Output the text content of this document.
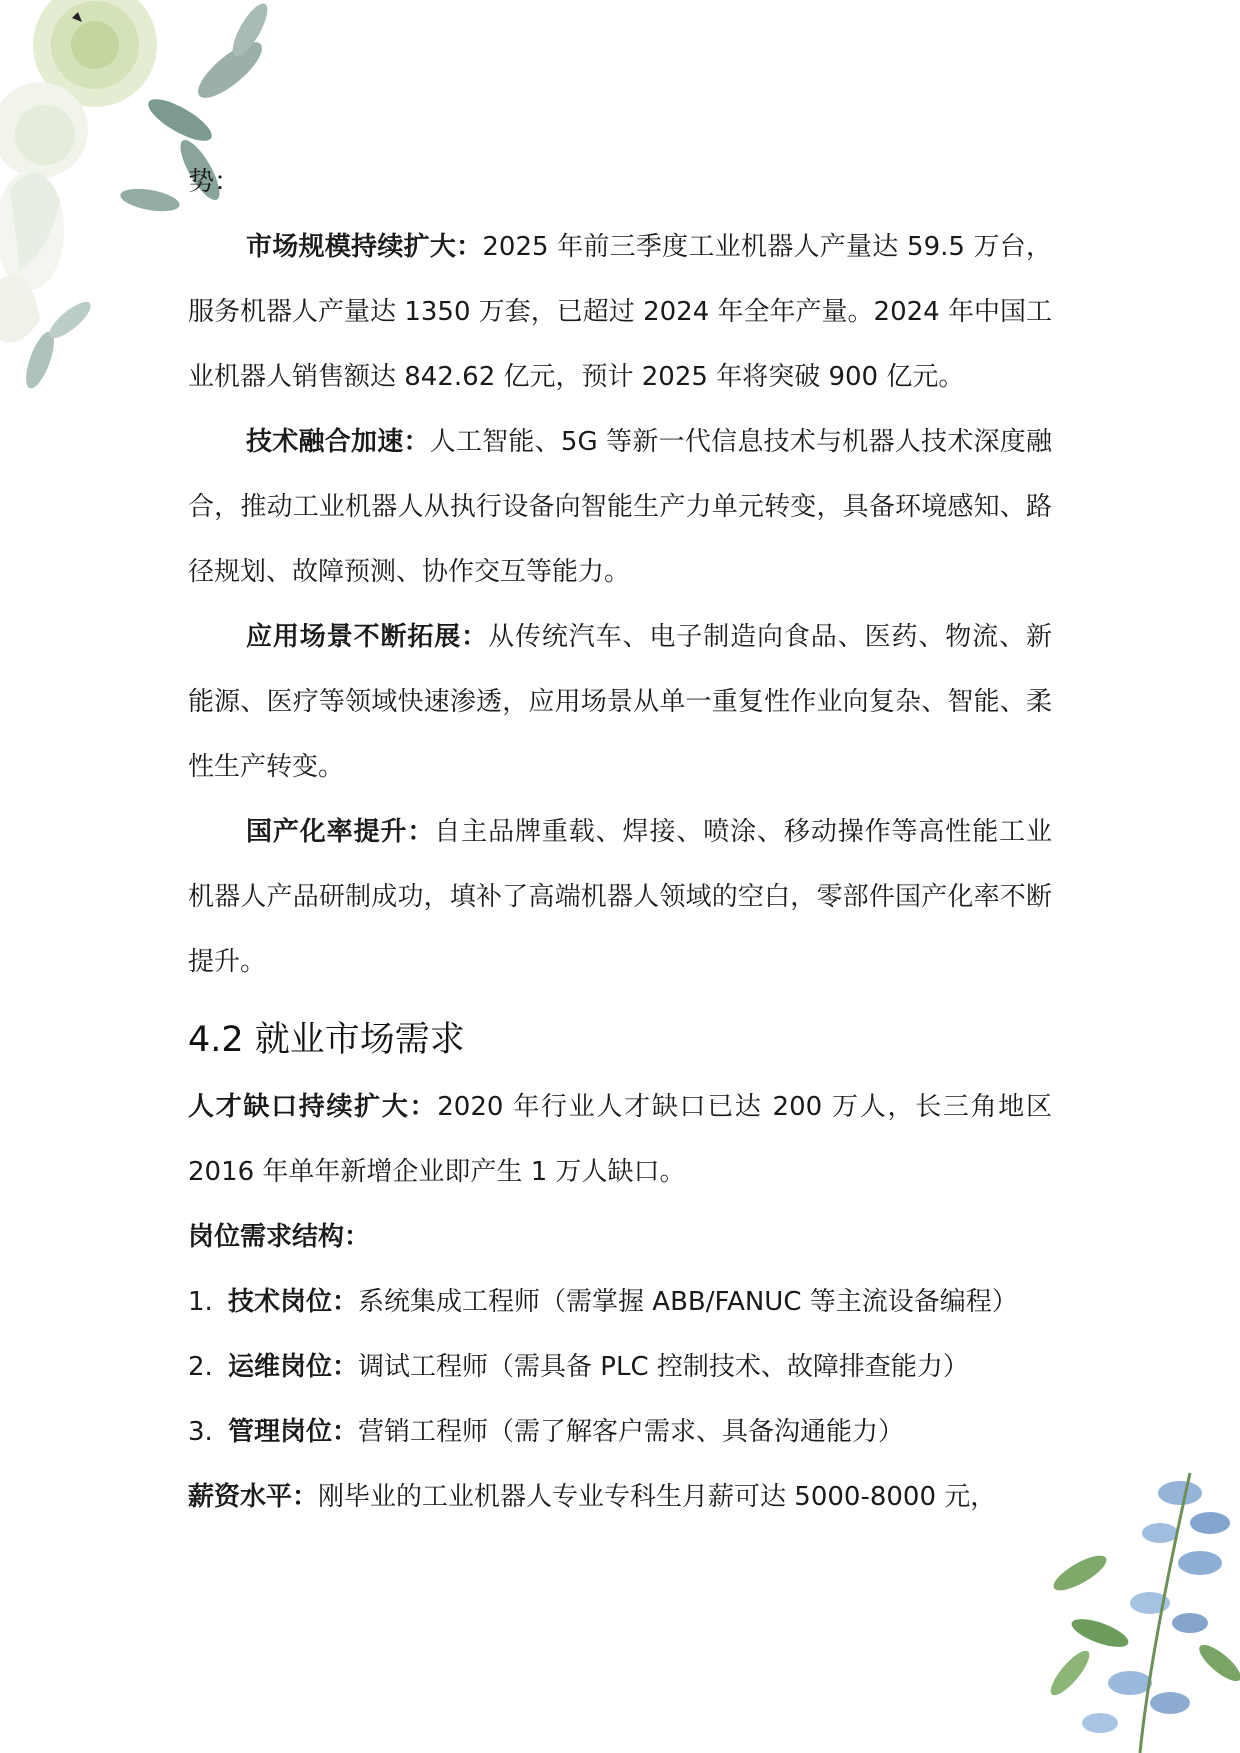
势：

市场规模持续扩大：2025 年前三季度工业机器人产量达 59.5 万台，服务机器人产量达 1350 万套，已超过 2024 年全年产量。2024 年中国工业机器人销售额达 842.62 亿元，预计 2025 年将突破 900 亿元。

技术融合加速：人工智能、5G 等新一代信息技术与机器人技术深度融合，推动工业机器人从执行设备向智能生产力单元转变，具备环境感知、路径规划、故障预测、协作交互等能力。

应用场景不断拓展：从传统汽车、电子制造向食品、医药、物流、新能源、医疗等领域快速渗透，应用场景从单一重复性作业向复杂、智能、柔性生产转变。

国产化率提升：自主品牌重载、焊接、喷涂、移动操作等高性能工业机器人产品研制成功，填补了高端机器人领域的空白，零部件国产化率不断提升。

4.2 就业市场需求

人才缺口持续扩大：2020 年行业人才缺口已达 200 万人，长三角地区 2016 年单年新增企业即产生 1 万人缺口。

岗位需求结构：

1. 技术岗位：系统集成工程师（需掌握 ABB/FANUC 等主流设备编程）
2. 运维岗位：调试工程师（需具备 PLC 控制技术、故障排查能力）
3. 管理岗位：营销工程师（需了解客户需求、具备沟通能力）

薪资水平：刚毕业的工业机器人专业专科生月薪可达 5000-8000 元，
